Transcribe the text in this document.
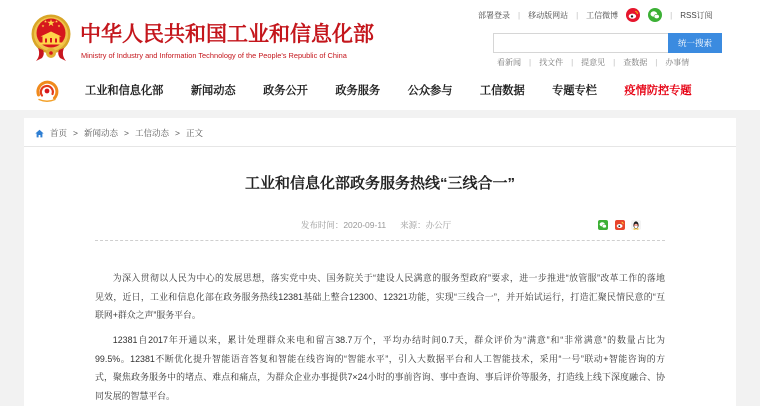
中华人民共和国工业和信息化部
Ministry of Industry and Information Technology of the People's Republic of China
部署登录 | 移动版网站 | 工信微博	| RSS订阅
统一搜索
看新闻 | 找文件 | 提意见 | 查数据 | 办事情
工业和信息化部 新闻动态 政务公开 政务服务 公众参与 工信数据 专题专栏 疫情防控专题
首页 > 新闻动态 > 工信动态 > 正文
工业和信息化部政务服务热线“三线合一”
发布时间：2020-09-11 来源：办公厅
为深入贯彻以人民为中心的发展思想，落实党中央、国务院关于“建设人民满意的服务型政府”要求，进一步推进“放管服”改革工作的落地
见效，近日，工业和信息化部在政务服务热线12381基础上整合12300、12321功能，实现“三线合一”，并开始试运行，打造汇聚民情民意的“互
联网+群众之声”服务平台。
12381自2017年开通以来，累计处理群众来电和留言38.7万个，平均办结时间0.7天，群众评价为“满意”和“非常满意”的数量占比为
99.5%。12381不断优化提升智能语音答复和智能在线咨询的“智能水平”，引入大数据平台和人工智能技术，采用“一号”联动+智能咨询的方
式，聚焦政务服务中的堵点、难点和痛点，为群众企业办事提供7×24小时的事前咨询、事中查询、事后评价等服务，打造线上线下深度融合、协
同发展的智慧平台。
